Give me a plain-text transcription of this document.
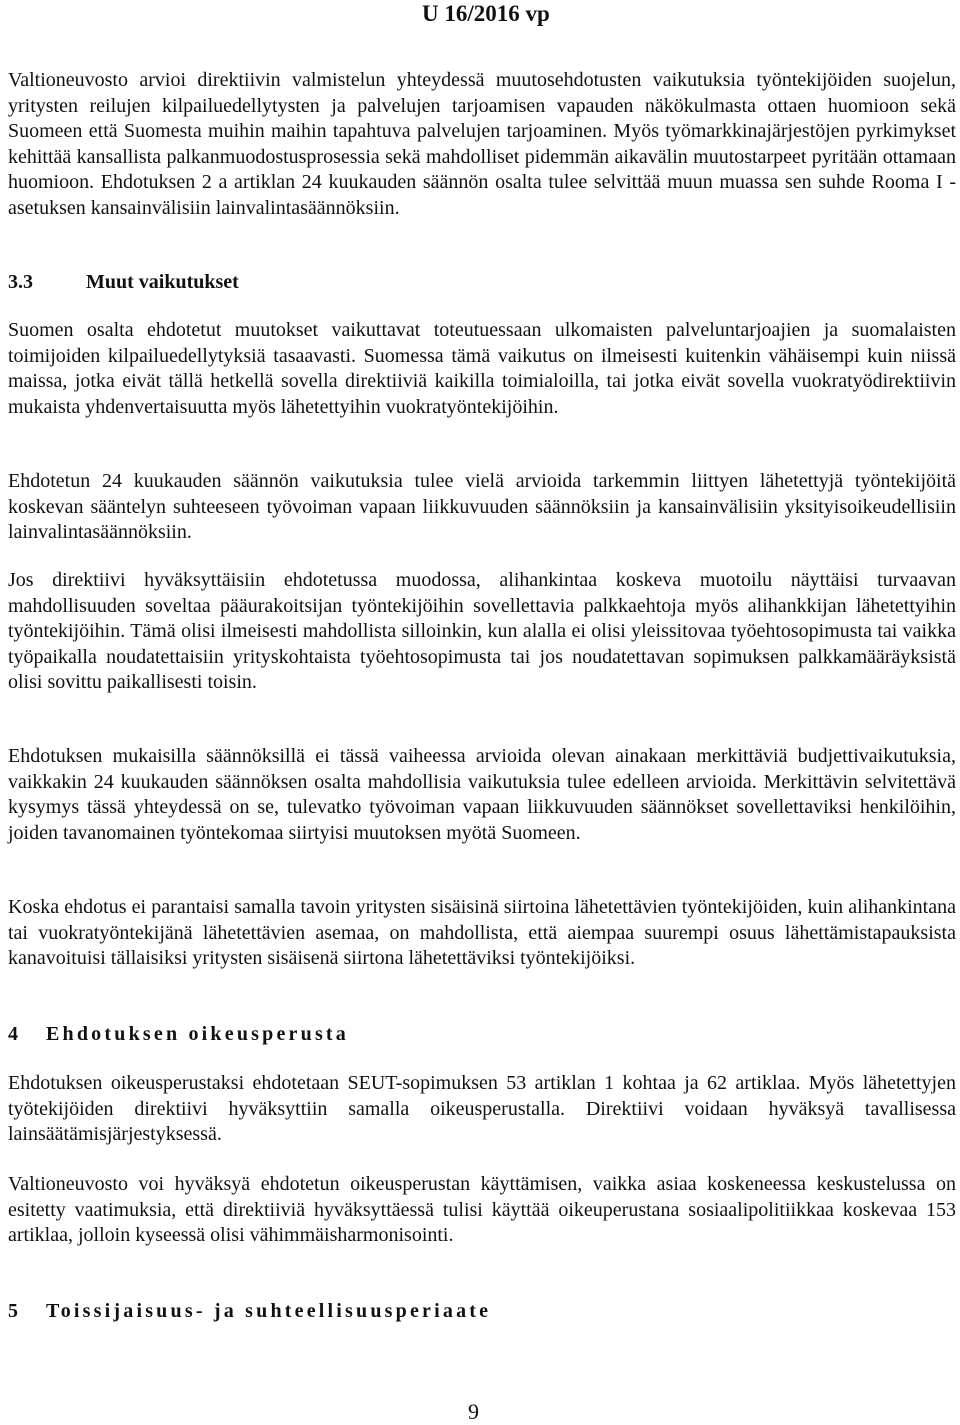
U 16/2016 vp

Valtioneuvosto arvioi direktiivin valmistelun yhteydessä muutosehdotusten vaikutuksia työntekijöiden suojelun, yritysten reilujen kilpailuedellytysten ja palvelujen tarjoamisen vapauden näkökulmasta ottaen huomioon sekä Suomeen että Suomesta muihin maihin tapahtuva palvelujen tarjoaminen. Myös työmarkkinajärjestöjen pyrkimykset kehittää kansallista palkanmuodostusprosessia sekä mahdolliset pidemmän aikavälin muutostarpeet pyritään ottamaan huomioon. Ehdotuksen 2 a artiklan 24 kuukauden säännön osalta tulee selvittää muun muassa sen suhde Rooma I -asetuksen kansainvälisiin lainvalintasäännöksiin.

3.3	Muut vaikutukset

Suomen osalta ehdotetut muutokset vaikuttavat toteutuessaan ulkomaisten palveluntarjoajien ja suomalaisten toimijoiden kilpailuedellytyksiä tasaavasti. Suomessa tämä vaikutus on ilmeisesti kuitenkin vähäisempi kuin niissä maissa, jotka eivät tällä hetkellä sovella direktiiviä kaikilla toimialoilla, tai jotka eivät sovella vuokratyödirektiivin mukaista yhdenvertaisuutta myös lähetettyihin vuokratyöntekijöihin.

Ehdotetun 24 kuukauden säännön vaikutuksia tulee vielä arvioida tarkemmin liittyen lähetettyjä työntekijöitä koskevan sääntelyn suhteeseen työvoiman vapaan liikkuvuuden säännöksiin ja kansainvälisiin yksityisoikeudellisiin lainvalintasäännöksiin.

Jos direktiivi hyväksyttäisiin ehdotetussa muodossa, alihankintaa koskeva muotoilu näyttäisi turvaavan mahdollisuuden soveltaa pääurakoitsijan työntekijöihin sovellettavia palkkaehtoja myös alihankkijan lähetettyihin työntekijöihin. Tämä olisi ilmeisesti mahdollista silloinkin, kun alalla ei olisi yleissitovaa työehtosopimusta tai vaikka työpaikalla noudatettaisiin yrityskohtaista työehtosopimusta tai jos noudatettavan sopimuksen palkkamääräyksistä olisi sovittu paikallisesti toisin.

Ehdotuksen mukaisilla säännöksillä ei tässä vaiheessa arvioida olevan ainakaan merkittäviä budjettivaikutuksia, vaikkakin 24 kuukauden säännöksen osalta mahdollisia vaikutuksia tulee edelleen arvioida. Merkittävin selvitettävä kysymys tässä yhteydessä on se, tulevatko työvoiman vapaan liikkuvuuden säännökset sovellettaviksi henkilöihin, joiden tavanomainen työntekomaa siirtyisi muutoksen myötä Suomeen.

Koska ehdotus ei parantaisi samalla tavoin yritysten sisäisinä siirtoina lähetettävien työntekijöiden, kuin alihankintana tai vuokratyöntekijänä lähetettävien asemaa, on mahdollista, että aiempaa suurempi osuus lähettämistapauksista kanavoituisi tällaisiksi yritysten sisäisenä siirtona lähetettäviksi työntekijöiksi.

4 Ehdotuksen oikeusperusta

Ehdotuksen oikeusperustaksi ehdotetaan SEUT-sopimuksen 53 artiklan 1 kohtaa ja 62 artiklaa. Myös lähetettyjen työtekijöiden direktiivi hyväksyttiin samalla oikeusperustalla. Direktiivi voidaan hyväksyä tavallisessa lainsäätämisjärjestyksessä.

Valtioneuvosto voi hyväksyä ehdotetun oikeusperustan käyttämisen, vaikka asiaa koskeneessa keskustelussa on esitetty vaatimuksia, että direktiiviä hyväksyttäessä tulisi käyttää oikeuperustana sosiaalipolitiikkaa koskevaa 153 artiklaa, jolloin kyseessä olisi vähimmäisharmonisointi.

5 Toissijaisuus- ja suhteellisuusperiaate
9
